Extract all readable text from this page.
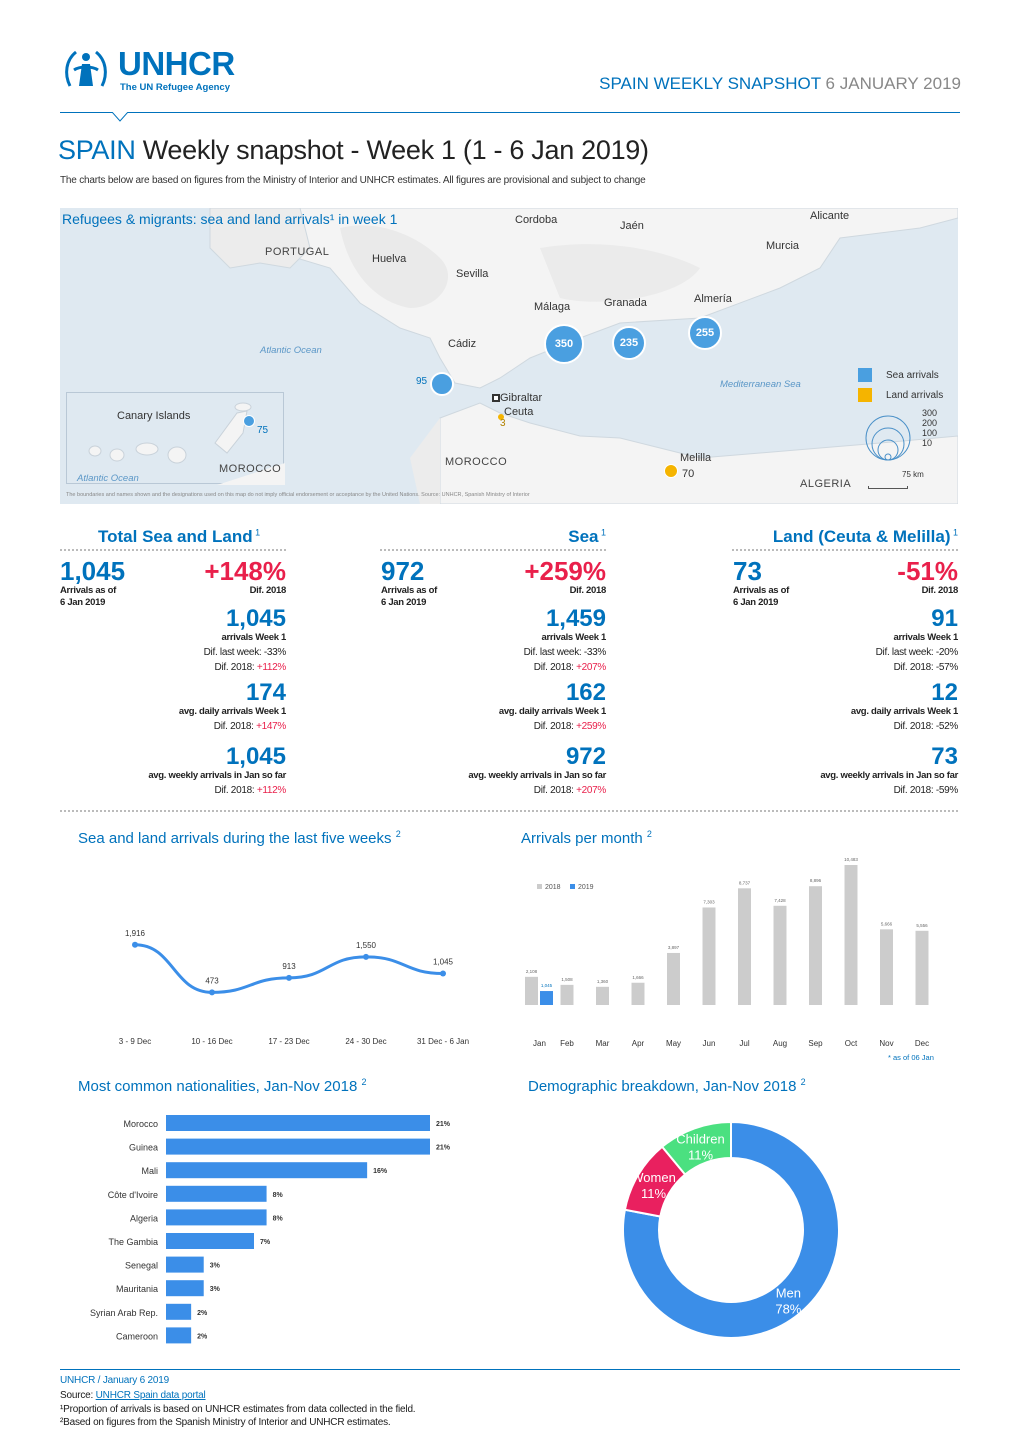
UNHCR
The UN Refugee Agency	SPAIN WEEKLY SNAPSHOT 6 JANUARY 2019
SPAIN Weekly snapshot - Week 1 (1 - 6 Jan 2019)
The charts below are based on figures from the Ministry of Interior and UNHCR estimates. All figures are provisional and subject to change
PORTUGAL
MOROCCO
ALGERIA
Cordoba	Jaén
Alicante
Murcia
Huelva
Sevilla
Málaga	Granada	Almería
Cádiz
Gibraltar
Ceuta
Melilla
Atlantic Ocean
Mediterranean Sea
350	235
255
95
3
70
Sea arrivals
Land arrivals
300
200
100
10
75 km
Refugees & migrants: sea and land arrivals¹ in week 1
Canary Islands
75
MOROCCO
Atlantic Ocean
The boundaries and names shown and the designations used on this map do not imply official endorsement or acceptance by the United Nations. Source: UNHCR, Spanish Ministry of Interior
Total Sea and Land $^1$
1,045
Arrivals as of
6 Jan 2019
+148%
Dif. 2018
1,045
arrivals Week 1
Dif. last week: -33%
Dif. 2018: +112%
174
avg. daily arrivals Week 1
Dif. 2018: +147%
1,045
avg. weekly arrivals in Jan so far
Dif. 2018: +112%
Sea $^1$
972
Arrivals as of
6 Jan 2019
+259%
Dif. 2018
1,459
arrivals Week 1
Dif. last week: -33%
Dif. 2018: +207%
162
avg. daily arrivals Week 1
Dif. 2018: +259%
972
avg. weekly arrivals in Jan so far
Dif. 2018: +207%
Land (Ceuta & Melilla) $^1$
73
Arrivals as of
6 Jan 2019
-51%
Dif. 2018
91
arrivals Week 1
Dif. last week: -20%
Dif. 2018: -57%
12
avg. daily arrivals Week 1
Dif. 2018: -52%
73
avg. weekly arrivals in Jan so far
Dif. 2018: -59%
Sea and land arrivals during the last five weeks $^2$
1,916
3 - 9 Dec
473
10 - 16 Dec
913
17 - 23 Dec
1,550
24 - 30 Dec
1,045
31 Dec - 6 Jan
Arrivals per month $^2$
2018 2019
2,108
Jan
1,508
Feb
1,360
Mar
1,666
Apr
3,897
May
7,303
Jun
8,737
Jul
7,428
Aug
8,896
Sep
10,483
Oct
5,666
Nov
5,556
Dec
1,045
* as of 06 Jan
Most common nationalities, Jan-Nov 2018 $^2$
Morocco	21%
Guinea	21%
Mali	16%
Côte d'Ivoire	8%
Algeria	8%
The Gambia	7%
Senegal	3%
Mauritania	3%
Syrian Arab Rep.	2%
Cameroon	2%
Demographic breakdown, Jan-Nov 2018 $^2$
Men
78%
Women
11%
Children
11%
UNHCR / January 6 2019
Source: UNHCR Spain data portal
¹Proportion of arrivals is based on UNHCR estimates from data collected in the field.
²Based on figures from the Spanish Ministry of Interior and UNHCR estimates.
